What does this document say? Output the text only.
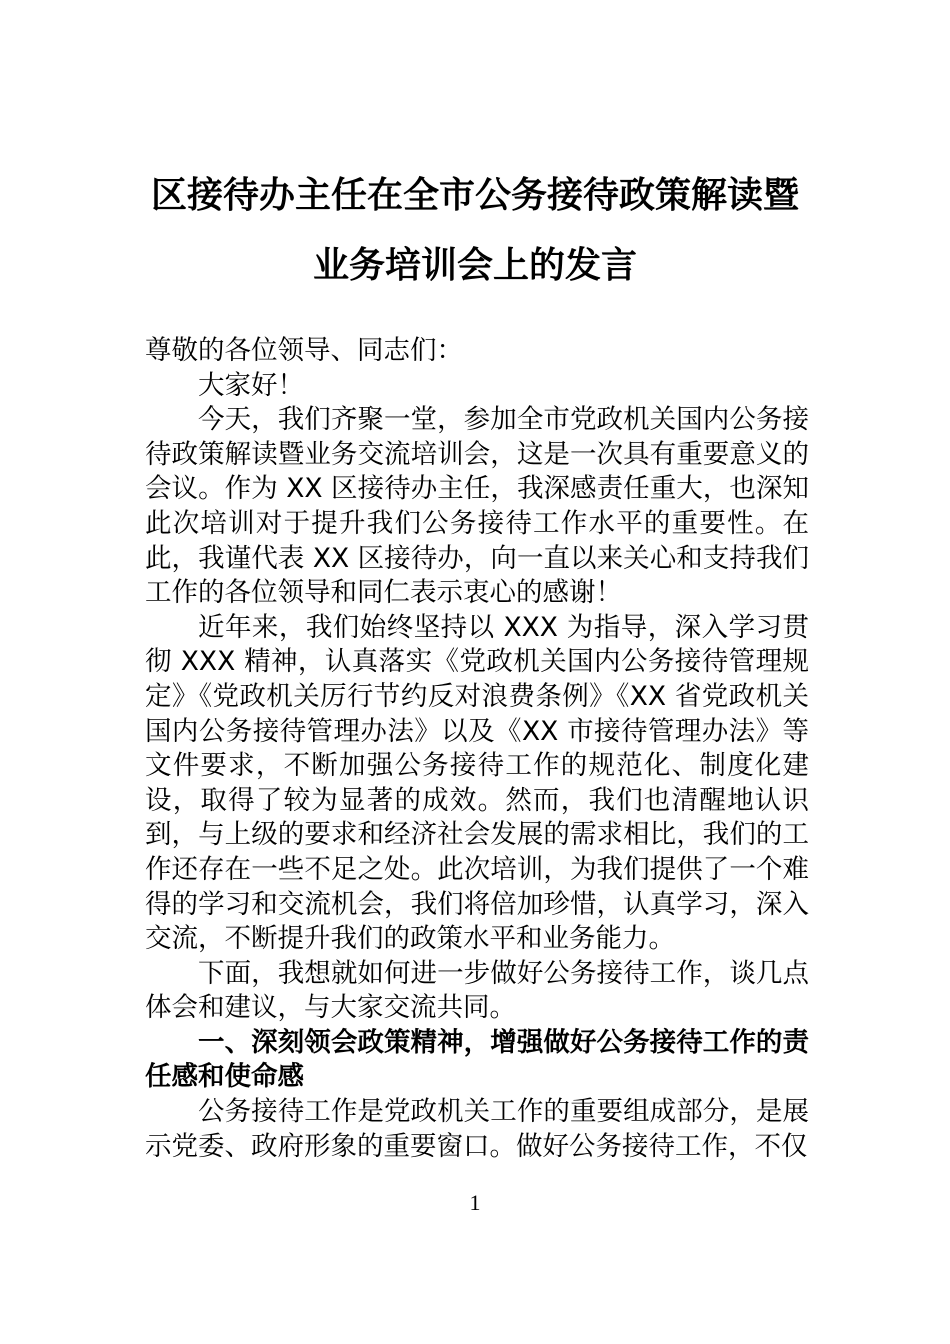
区接待办主任在全市公务接待政策解读暨
业务培训会上的发言

尊敬的各位领导、同志们：

大家好！

今天，我们齐聚一堂，参加全市党政机关国内公务接待政策解读暨业务交流培训会，这是一次具有重要意义的会议。作为 XX 区接待办主任，我深感责任重大，也深知此次培训对于提升我们公务接待工作水平的重要性。在此，我谨代表 XX 区接待办，向一直以来关心和支持我们工作的各位领导和同仁表示衷心的感谢！

近年来，我们始终坚持以 XXX 为指导，深入学习贯彻 XXX 精神，认真落实《党政机关国内公务接待管理规定》《党政机关厉行节约反对浪费条例》《XX 省党政机关国内公务接待管理办法》以及《XX 市接待管理办法》等文件要求，不断加强公务接待工作的规范化、制度化建设，取得了较为显著的成效。然而，我们也清醒地认识到，与上级的要求和经济社会发展的需求相比，我们的工作还存在一些不足之处。此次培训，为我们提供了一个难得的学习和交流机会，我们将倍加珍惜，认真学习，深入交流，不断提升我们的政策水平和业务能力。

下面，我想就如何进一步做好公务接待工作，谈几点体会和建议，与大家交流共同。

一、深刻领会政策精神，增强做好公务接待工作的责任感和使命感

公务接待工作是党政机关工作的重要组成部分，是展示党委、政府形象的重要窗口。做好公务接待工作，不仅

1
